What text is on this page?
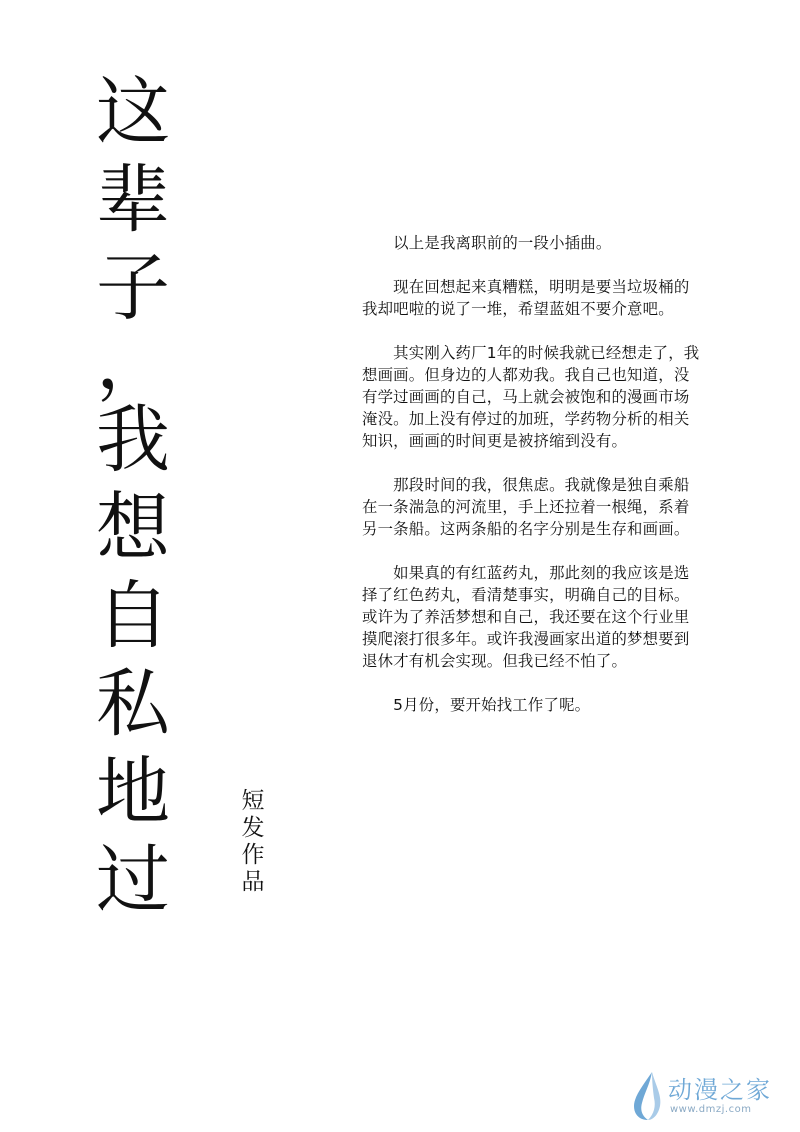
这
辈
子
，
我
想
自
私
地
过
短
发
作
品

　　以上是我离职前的一段小插曲。

　　现在回想起来真糟糕，明明是要当垃圾桶的
我却吧啦的说了一堆，希望蓝姐不要介意吧。

　　其实刚入药厂1年的时候我就已经想走了，我
想画画。但身边的人都劝我。我自己也知道，没
有学过画画的自己，马上就会被饱和的漫画市场
淹没。加上没有停过的加班，学药物分析的相关
知识，画画的时间更是被挤缩到没有。

　　那段时间的我，很焦虑。我就像是独自乘船
在一条湍急的河流里，手上还拉着一根绳，系着
另一条船。这两条船的名字分别是生存和画画。

　　如果真的有红蓝药丸，那此刻的我应该是选
择了红色药丸，看清楚事实，明确自己的目标。
或许为了养活梦想和自己，我还要在这个行业里
摸爬滚打很多年。或许我漫画家出道的梦想要到
退休才有机会实现。但我已经不怕了。

　　5月份，要开始找工作了呢。

动漫之家
www.dmzj.com
